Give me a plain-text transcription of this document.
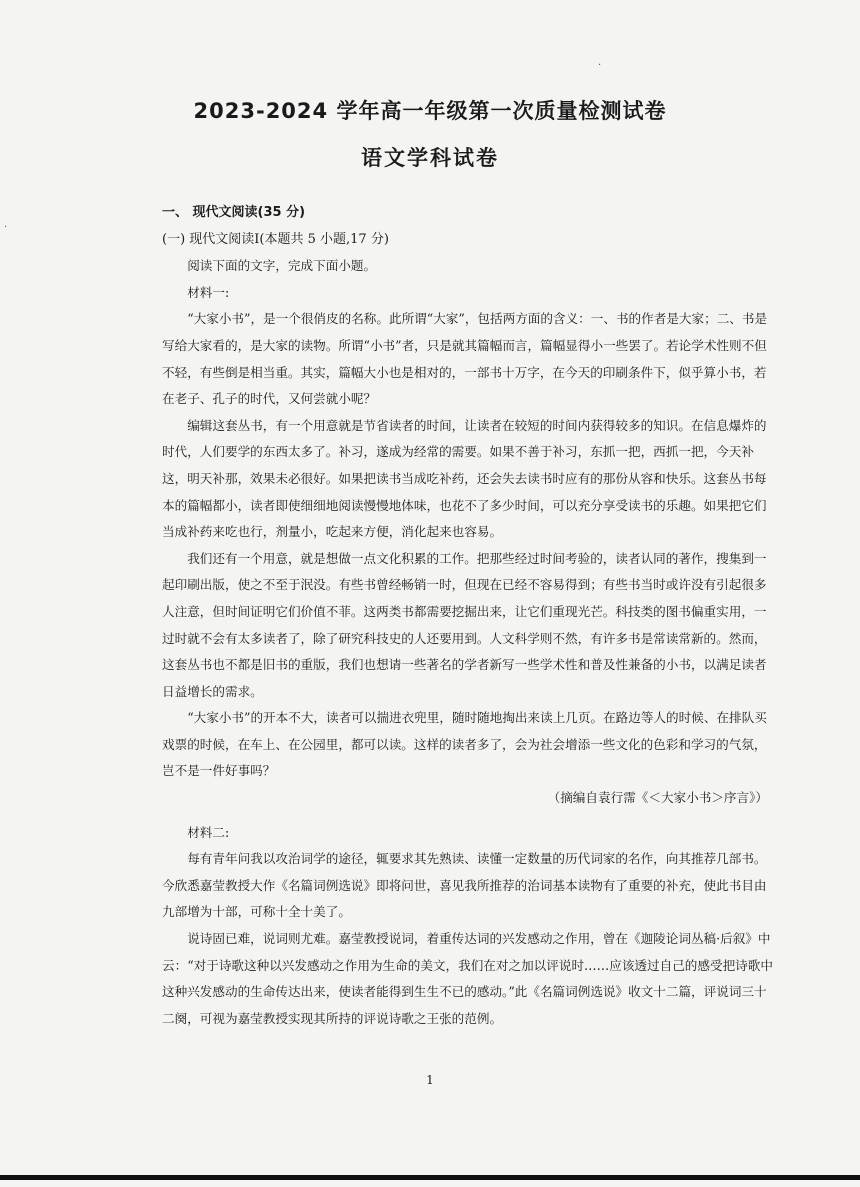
·
·
2023-2024 学年高一年级第一次质量检测试卷
语文学科试卷

一、 现代文阅读(35 分)

(一) 现代文阅读Ⅰ(本题共 5 小题,17 分)

阅读下面的文字，完成下面小题。

材料一:

“大家小书”，是一个很俏皮的名称。此所谓“大家”，包括两方面的含义：一、书的作者是大家；二、书是写给大家看的，是大家的读物。所谓“小书”者，只是就其篇幅而言，篇幅显得小一些罢了。若论学术性则不但不轻，有些倒是相当重。其实，篇幅大小也是相对的，一部书十万字，在今天的印刷条件下，似乎算小书，若在老子、孔子的时代，又何尝就小呢？

编辑这套丛书，有一个用意就是节省读者的时间，让读者在较短的时间内获得较多的知识。在信息爆炸的时代，人们要学的东西太多了。补习，遂成为经常的需要。如果不善于补习，东抓一把，西抓一把，今天补这，明天补那，效果未必很好。如果把读书当成吃补药，还会失去读书时应有的那份从容和快乐。这套丛书每本的篇幅都小，读者即使细细地阅读慢慢地体味，也花不了多少时间，可以充分享受读书的乐趣。如果把它们当成补药来吃也行，剂量小，吃起来方便，消化起来也容易。

我们还有一个用意，就是想做一点文化积累的工作。把那些经过时间考验的，读者认同的著作，搜集到一起印刷出版，使之不至于泯没。有些书曾经畅销一时，但现在已经不容易得到；有些书当时或许没有引起很多人注意，但时间证明它们价值不菲。这两类书都需要挖掘出来，让它们重现光芒。科技类的图书偏重实用，一过时就不会有太多读者了，除了研究科技史的人还要用到。人文科学则不然，有许多书是常读常新的。然而，这套丛书也不都是旧书的重版，我们也想请一些著名的学者新写一些学术性和普及性兼备的小书，以满足读者日益增长的需求。

“大家小书”的开本不大，读者可以揣进衣兜里，随时随地掏出来读上几页。在路边等人的时候、在排队买戏票的时候，在车上、在公园里，都可以读。这样的读者多了，会为社会增添一些文化的色彩和学习的气氛，岂不是一件好事吗？

（摘编自袁行霈《＜大家小书＞序言》）

材料二:

每有青年问我以攻治词学的途径，辄要求其先熟读、读懂一定数量的历代词家的名作，向其推荐几部书。今欣悉嘉莹教授大作《名篇词例选说》即将问世，喜见我所推荐的治词基本读物有了重要的补充，使此书目由九部增为十部，可称十全十美了。

说诗固已难，说词则尤难。嘉莹教授说词，着重传达词的兴发感动之作用，曾在《迦陵论词丛稿·后叙》中云：“对于诗歌这种以兴发感动之作用为生命的美文，我们在对之加以评说时……应该透过自己的感受把诗歌中这种兴发感动的生命传达出来，使读者能得到生生不已的感动。”此《名篇词例选说》收文十二篇，评说词三十二阕，可视为嘉莹教授实现其所持的评说诗歌之王张的范例。

1
